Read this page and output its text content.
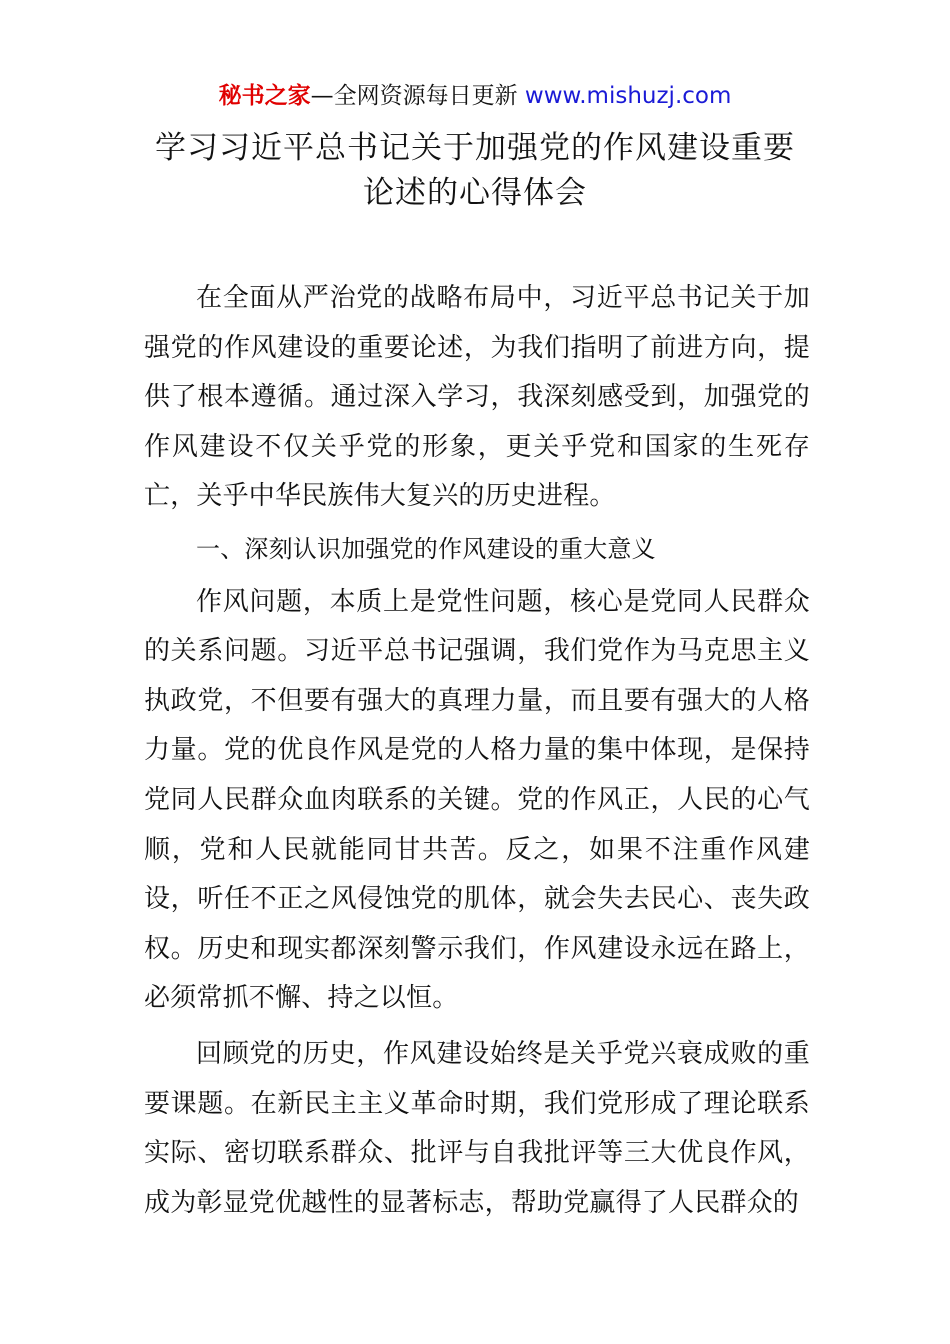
秘书之家—全网资源每日更新 www.mishuzj.com
学习习近平总书记关于加强党的作风建设重要
论述的心得体会

在全面从严治党的战略布局中，习近平总书记关于加强党的作风建设的重要论述，为我们指明了前进方向，提供了根本遵循。通过深入学习，我深刻感受到，加强党的作风建设不仅关乎党的形象，更关乎党和国家的生死存亡，关乎中华民族伟大复兴的历史进程。

一、深刻认识加强党的作风建设的重大意义

作风问题，本质上是党性问题，核心是党同人民群众的关系问题。习近平总书记强调，我们党作为马克思主义执政党，不但要有强大的真理力量，而且要有强大的人格力量。党的优良作风是党的人格力量的集中体现，是保持党同人民群众血肉联系的关键。党的作风正，人民的心气顺，党和人民就能同甘共苦。反之，如果不注重作风建设，听任不正之风侵蚀党的肌体，就会失去民心、丧失政权。历史和现实都深刻警示我们，作风建设永远在路上，必须常抓不懈、持之以恒。

回顾党的历史，作风建设始终是关乎党兴衰成败的重要课题。在新民主主义革命时期，我们党形成了理论联系实际、密切联系群众、批评与自我批评等三大优良作风，成为彰显党优越性的显著标志，帮助党赢得了人民群众的
